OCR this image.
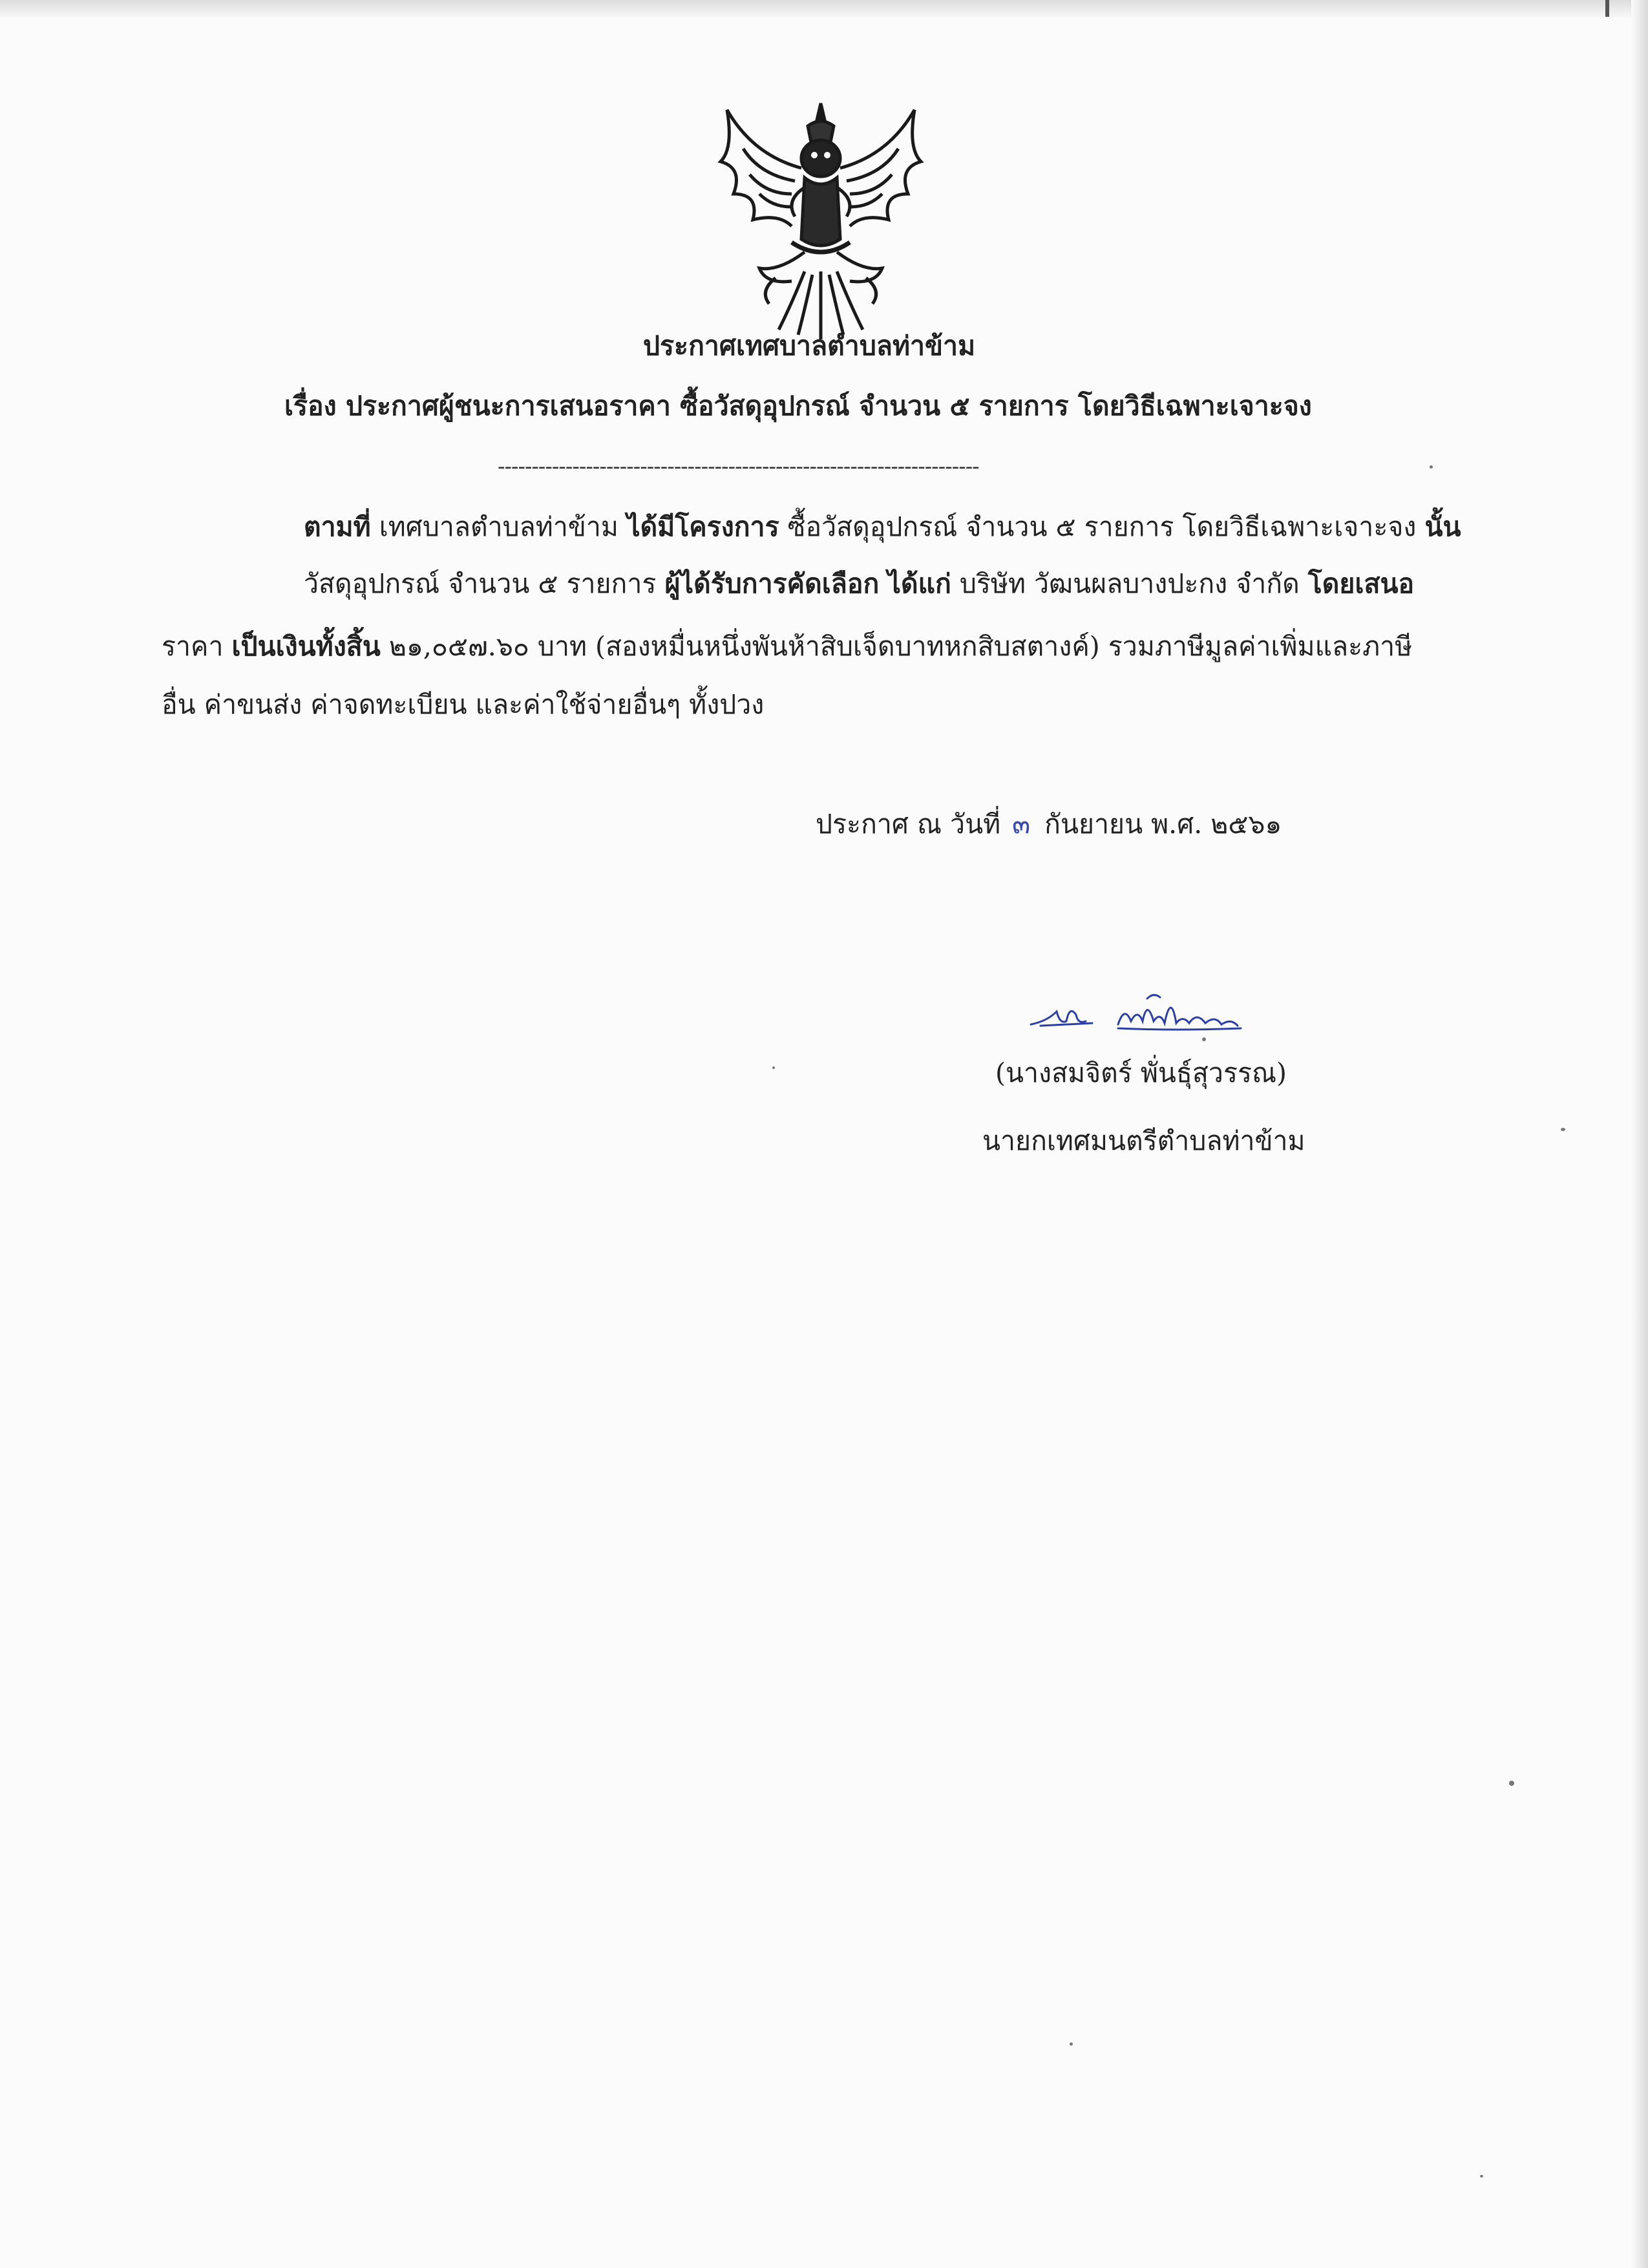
ประกาศเทศบาลตำบลท่าข้าม
เรื่อง ประกาศผู้ชนะการเสนอราคา ซื้อวัสดุอุปกรณ์ จำนวน ๕ รายการ โดยวิธีเฉพาะเจาะจง
-----------------------------------------------------------------------
ตามที่ เทศบาลตำบลท่าข้าม ได้มีโครงการ ซื้อวัสดุอุปกรณ์ จำนวน ๕ รายการ โดยวิธีเฉพาะเจาะจง นั้น
วัสดุอุปกรณ์ จำนวน ๕ รายการ ผู้ได้รับการคัดเลือก ได้แก่ บริษัท วัฒนผลบางปะกง จำกัด โดยเสนอ
ราคา เป็นเงินทั้งสิ้น ๒๑,๐๕๗.๖๐ บาท (สองหมื่นหนึ่งพันห้าสิบเจ็ดบาทหกสิบสตางค์) รวมภาษีมูลค่าเพิ่มและภาษี
อื่น ค่าขนส่ง ค่าจดทะเบียน และค่าใช้จ่ายอื่นๆ ทั้งปวง
ประกาศ ณ วันที่ ๓ กันยายน พ.ศ. ๒๕๖๑
(นางสมจิตร์ พั่นธุ์สุวรรณ)
นายกเทศมนตรีตำบลท่าข้าม
